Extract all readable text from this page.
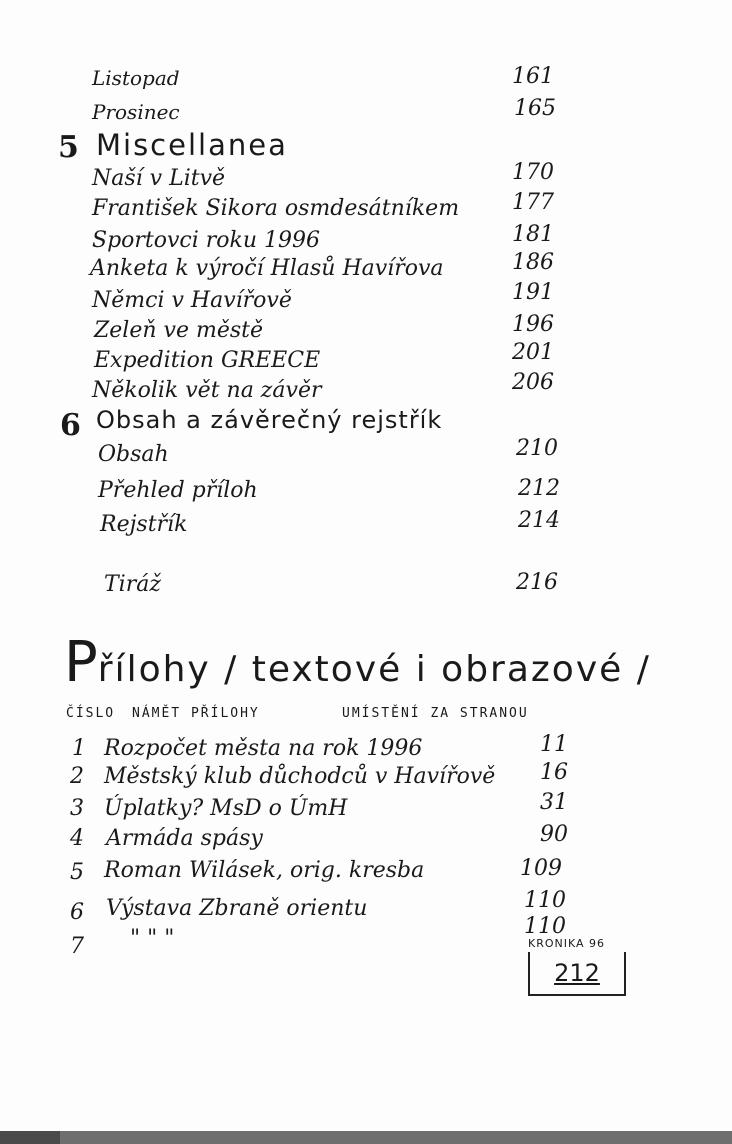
Listopad	161
Prosinec	165
5 Miscellanea
Naší v Litvě	170
František Sikora osmdesátníkem 177
Sportovci roku 1996	181
Anketa k výročí Hlasů Havířova	186
Němci v Havířově	191
Zeleň ve městě	196
Expedition GREECE	201
Několik vět na závěr	206
6 Obsah a závěrečný rejstřík
Obsah	210
Přehled příloh	212
Rejstřík	214
Tiráž	216
Přílohy / textové i obrazové /
ČÍSLO NÁMĚT PŘÍLOHY	UMÍSTĚNÍ ZA STRANOU
1 Rozpočet města na rok 1996	11
2 Městský klub důchodců v Havířově 16
3 Úplatky? MsD o ÚmH	31
4 Armáda spásy	90
5 Roman Wilásek, orig. kresba	109
6 Výstava Zbraně orientu	110
7 " " "	110
KRONIKA 96
212
